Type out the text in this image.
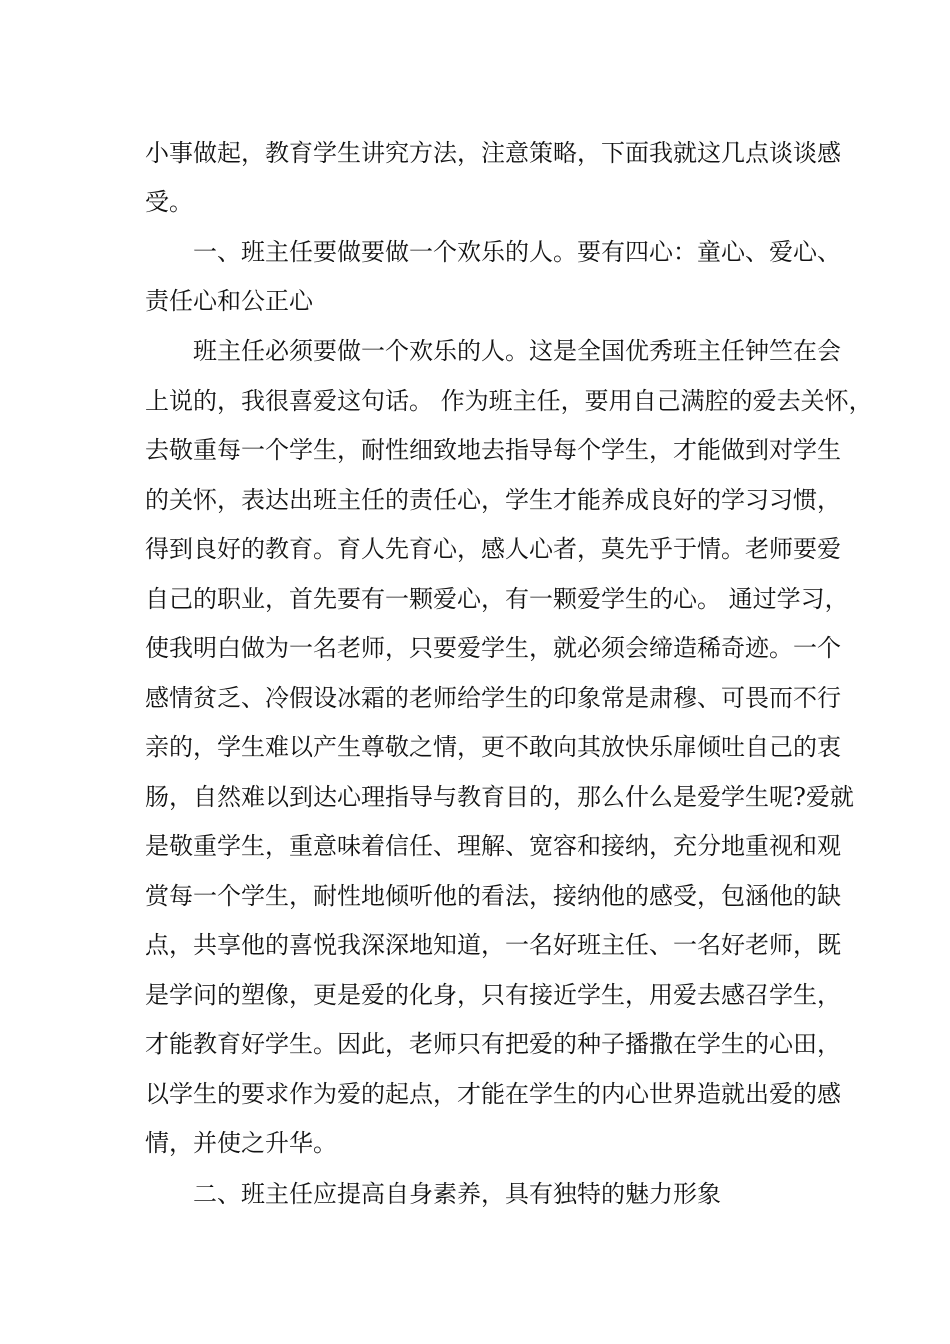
小事做起，教育学生讲究方法，注意策略，下面我就这几点谈谈感
受。
一、班主任要做要做一个欢乐的人。要有四心：童心、爱心、
责任心和公正心
班主任必须要做一个欢乐的人。这是全国优秀班主任钟竺在会
上说的，我很喜爱这句话。 作为班主任，要用自己满腔的爱去关怀，
去敬重每一个学生，耐性细致地去指导每个学生，才能做到对学生
的关怀，表达出班主任的责任心，学生才能养成良好的学习习惯，
得到良好的教育。育人先育心，感人心者，莫先乎于情。老师要爱
自己的职业，首先要有一颗爱心，有一颗爱学生的心。 通过学习，
使我明白做为一名老师，只要爱学生，就必须会缔造稀奇迹。一个
感情贫乏、冷假设冰霜的老师给学生的印象常是肃穆、可畏而不行
亲的，学生难以产生尊敬之情，更不敢向其放快乐扉倾吐自己的衷
肠，自然难以到达心理指导与教育目的，那么什么是爱学生呢?爱就
是敬重学生，重意味着信任、理解、宽容和接纳，充分地重视和观
赏每一个学生，耐性地倾听他的看法，接纳他的感受，包涵他的缺
点，共享他的喜悦我深深地知道，一名好班主任、一名好老师，既
是学问的塑像，更是爱的化身，只有接近学生，用爱去感召学生，
才能教育好学生。因此，老师只有把爱的种子播撒在学生的心田，
以学生的要求作为爱的起点，才能在学生的内心世界造就出爱的感
情，并使之升华。
二、班主任应提高自身素养，具有独特的魅力形象
